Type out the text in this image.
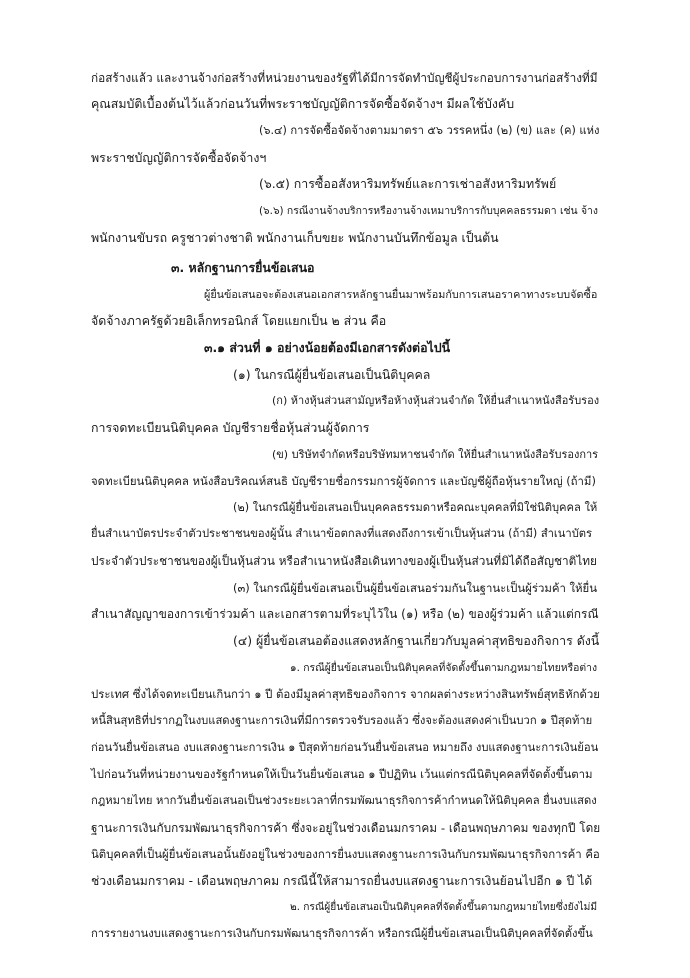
ก่อสร้างแล้ว และงานจ้างก่อสร้างที่หน่วยงานของรัฐที่ได้มีการจัดทำบัญชีผู้ประกอบการงานก่อสร้างที่มี
คุณสมบัติเบื้องต้นไว้แล้วก่อนวันที่พระราชบัญญัติการจัดซื้อจัดจ้างฯ มีผลใช้บังคับ
(๖.๔) การจัดซื้อจัดจ้างตามมาตรา ๕๖ วรรคหนึ่ง (๒) (ข) และ (ค) แห่ง
พระราชบัญญัติการจัดซื้อจัดจ้างฯ
(๖.๕) การซื้ออสังหาริมทรัพย์และการเช่าอสังหาริมทรัพย์
(๖.๖) กรณีงานจ้างบริการหรืองานจ้างเหมาบริการกับบุคคลธรรมดา เช่น จ้าง
พนักงานขับรถ ครูชาวต่างชาติ พนักงานเก็บขยะ พนักงานบันทึกข้อมูล เป็นต้น
๓. หลักฐานการยื่นข้อเสนอ
ผู้ยื่นข้อเสนอจะต้องเสนอเอกสารหลักฐานยื่นมาพร้อมกับการเสนอราคาทางระบบจัดซื้อ
จัดจ้างภาครัฐด้วยอิเล็กทรอนิกส์ โดยแยกเป็น ๒ ส่วน คือ
๓.๑ ส่วนที่ ๑ อย่างน้อยต้องมีเอกสารดังต่อไปนี้
(๑) ในกรณีผู้ยื่นข้อเสนอเป็นนิติบุคคล
(ก) ห้างหุ้นส่วนสามัญหรือห้างหุ้นส่วนจำกัด ให้ยื่นสำเนาหนังสือรับรอง
การจดทะเบียนนิติบุคคล บัญชีรายชื่อหุ้นส่วนผู้จัดการ
(ข) บริษัทจำกัดหรือบริษัทมหาชนจำกัด ให้ยื่นสำเนาหนังสือรับรองการ
จดทะเบียนนิติบุคคล หนังสือบริคณห์สนธิ บัญชีรายชื่อกรรมการผู้จัดการ และบัญชีผู้ถือหุ้นรายใหญ่ (ถ้ามี)
(๒) ในกรณีผู้ยื่นข้อเสนอเป็นบุคคลธรรมดาหรือคณะบุคคลที่มิใช่นิติบุคคล ให้
ยื่นสำเนาบัตรประจำตัวประชาชนของผู้นั้น สำเนาข้อตกลงที่แสดงถึงการเข้าเป็นหุ้นส่วน (ถ้ามี) สำเนาบัตร
ประจำตัวประชาชนของผู้เป็นหุ้นส่วน หรือสำเนาหนังสือเดินทางของผู้เป็นหุ้นส่วนที่มิได้ถือสัญชาติไทย
(๓) ในกรณีผู้ยื่นข้อเสนอเป็นผู้ยื่นข้อเสนอร่วมกันในฐานะเป็นผู้ร่วมค้า ให้ยื่น
สำเนาสัญญาของการเข้าร่วมค้า และเอกสารตามที่ระบุไว้ใน (๑) หรือ (๒) ของผู้ร่วมค้า แล้วแต่กรณี
(๔) ผู้ยื่นข้อเสนอต้องแสดงหลักฐานเกี่ยวกับมูลค่าสุทธิของกิจการ ดังนี้
๑. กรณีผู้ยื่นข้อเสนอเป็นนิติบุคคลที่จัดตั้งขึ้นตามกฎหมายไทยหรือต่าง
ประเทศ ซึ่งได้จดทะเบียนเกินกว่า ๑ ปี ต้องมีมูลค่าสุทธิของกิจการ จากผลต่างระหว่างสินทรัพย์สุทธิหักด้วย
หนี้สินสุทธิที่ปรากฏในงบแสดงฐานะการเงินที่มีการตรวจรับรองแล้ว ซึ่งจะต้องแสดงค่าเป็นบวก ๑ ปีสุดท้าย
ก่อนวันยื่นข้อเสนอ งบแสดงฐานะการเงิน ๑ ปีสุดท้ายก่อนวันยื่นข้อเสนอ หมายถึง งบแสดงฐานะการเงินย้อน
ไปก่อนวันที่หน่วยงานของรัฐกำหนดให้เป็นวันยื่นข้อเสนอ ๑ ปีปฏิทิน เว้นแต่กรณีนิติบุคคลที่จัดตั้งขึ้นตาม
กฎหมายไทย หากวันยื่นข้อเสนอเป็นช่วงระยะเวลาที่กรมพัฒนาธุรกิจการค้ากำหนดให้นิติบุคคล ยื่นงบแสดง
ฐานะการเงินกับกรมพัฒนาธุรกิจการค้า ซึ่งจะอยู่ในช่วงเดือนมกราคม - เดือนพฤษภาคม ของทุกปี โดย
นิติบุคคลที่เป็นผู้ยื่นข้อเสนอนั้นยังอยู่ในช่วงของการยื่นงบแสดงฐานะการเงินกับกรมพัฒนาธุรกิจการค้า คือ
ช่วงเดือนมกราคม - เดือนพฤษภาคม กรณีนี้ให้สามารถยื่นงบแสดงฐานะการเงินย้อนไปอีก ๑ ปี ได้
๒. กรณีผู้ยื่นข้อเสนอเป็นนิติบุคคลที่จัดตั้งขึ้นตามกฎหมายไทยซึ่งยังไม่มี
การรายงานงบแสดงฐานะการเงินกับกรมพัฒนาธุรกิจการค้า หรือกรณีผู้ยื่นข้อเสนอเป็นนิติบุคคลที่จัดตั้งขึ้น
